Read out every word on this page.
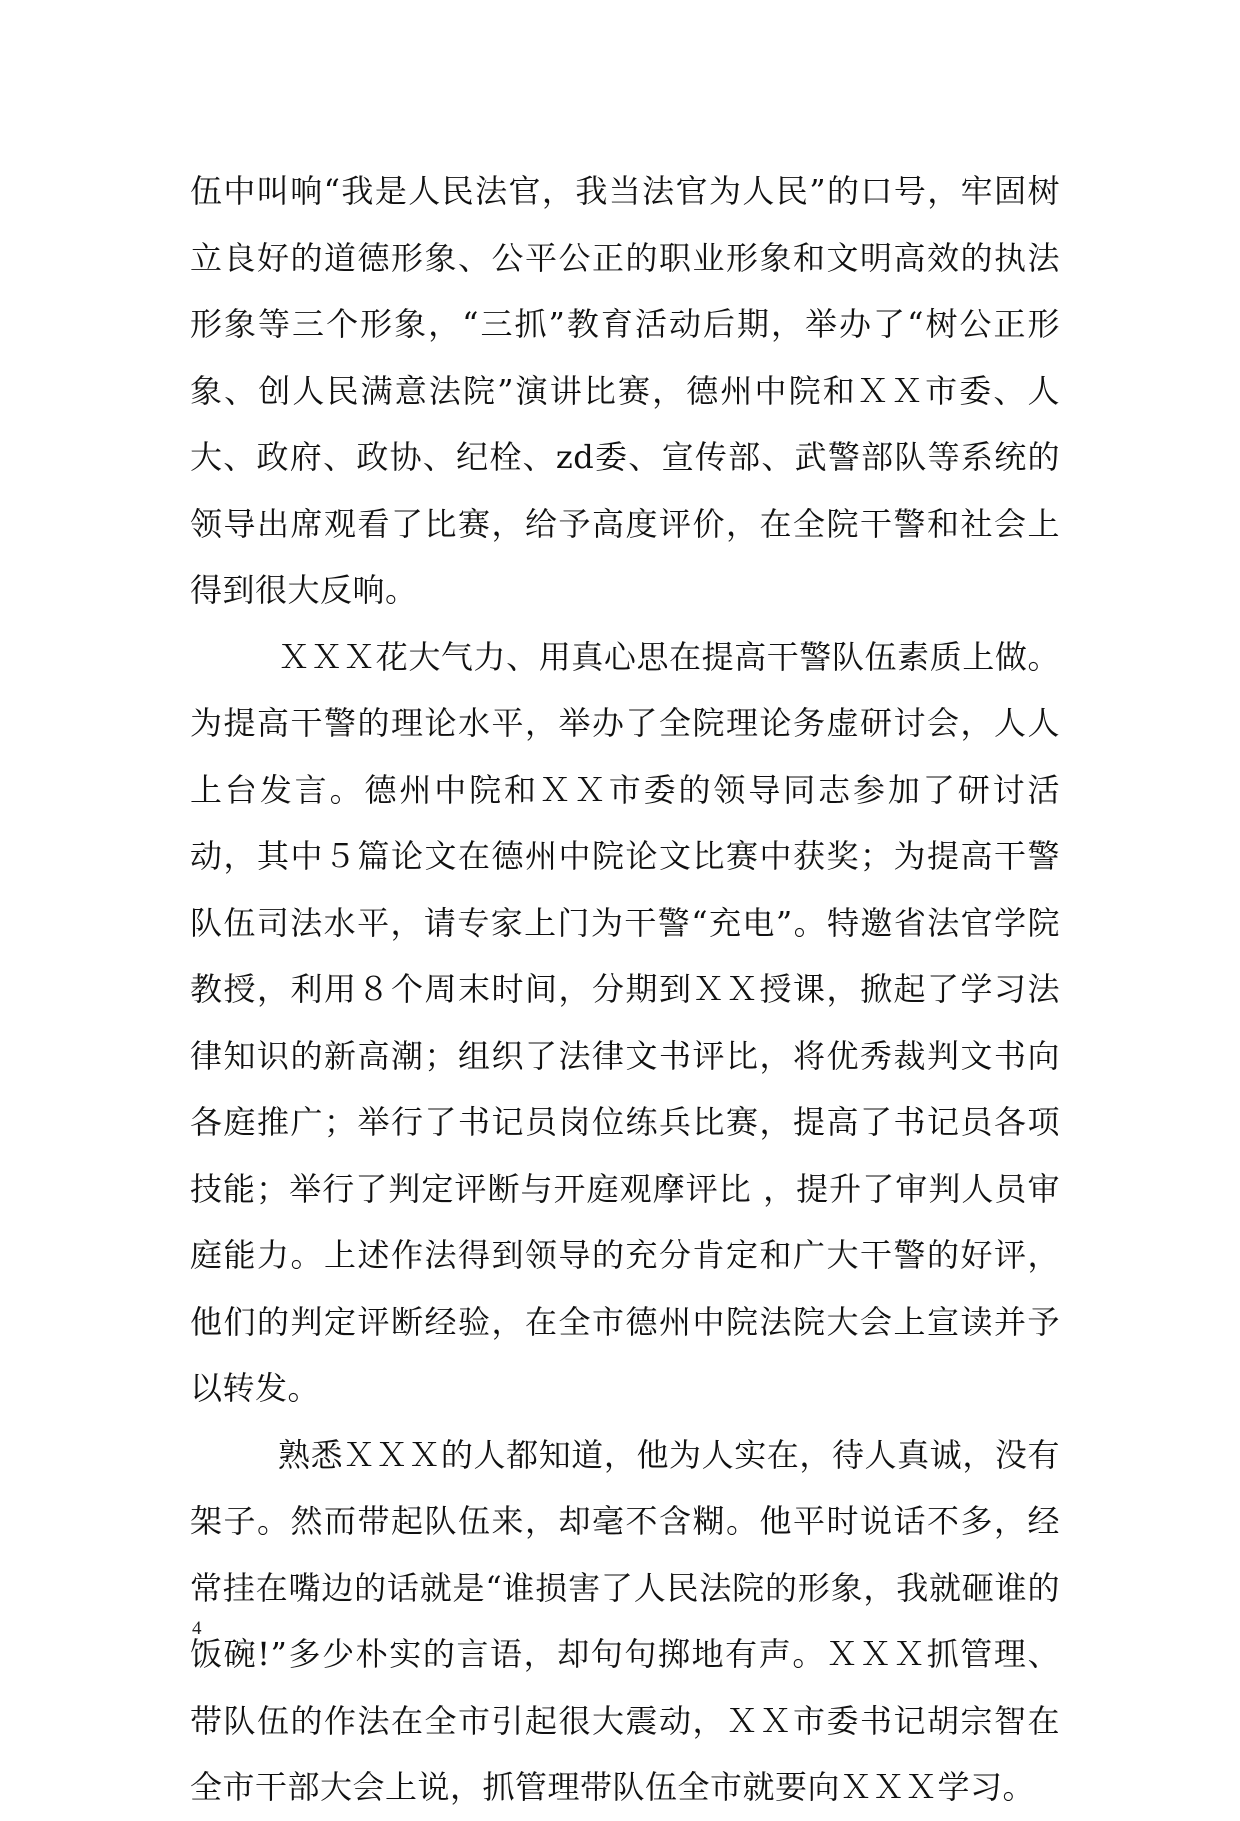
伍中叫响“我是人民法官，我当法官为人民”的口号，牢固树立良好的道德形象、公平公正的职业形象和文明高效的执法形象等三个形象，“三抓”教育活动后期，举办了“树公正形象、创人民满意法院”演讲比赛，德州中院和ＸＸ市委、人大、政府、政协、纪栓、zd委、宣传部、武警部队等系统的领导出席观看了比赛，给予高度评价，在全院干警和社会上得到很大反响。

ＸＸＸ花大气力、用真心思在提高干警队伍素质上做。为提高干警的理论水平，举办了全院理论务虚研讨会，人人上台发言。德州中院和ＸＸ市委的领导同志参加了研讨活动，其中５篇论文在德州中院论文比赛中获奖；为提高干警队伍司法水平，请专家上门为干警“充电”。特邀省法官学院教授，利用８个周末时间，分期到ＸＸ授课，掀起了学习法律知识的新高潮；组织了法律文书评比，将优秀裁判文书向各庭推广；举行了书记员岗位练兵比赛，提高了书记员各项技能；举行了判定评断与开庭观摩评比 ，提升了审判人员审庭能力。上述作法得到领导的充分肯定和广大干警的好评，他们的判定评断经验，在全市德州中院法院大会上宣读并予以转发。

熟悉ＸＸＸ的人都知道，他为人实在，待人真诚，没有架子。然而带起队伍来，却毫不含糊。他平时说话不多，经常挂在嘴边的话就是“谁损害了人民法院的形象，我就砸谁的饭碗!”多少朴实的言语，却句句掷地有声。ＸＸＸ抓管理、带队伍的作法在全市引起很大震动，ＸＸ市委书记胡宗智在全市干部大会上说，抓管理带队伍全市就要向ＸＸＸ学习。

4
